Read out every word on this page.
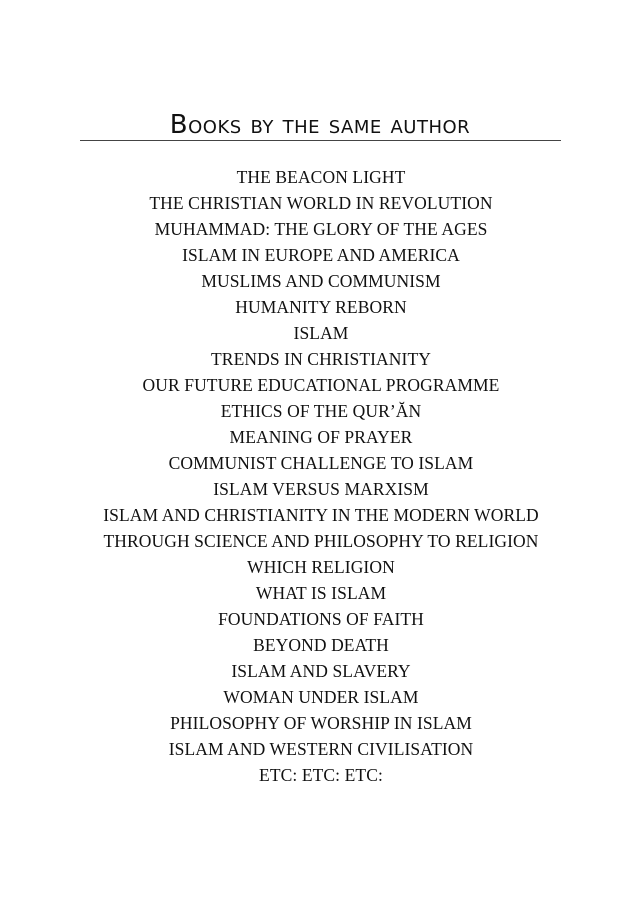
Books by the same author
THE BEACON LIGHT
THE CHRISTIAN WORLD IN REVOLUTION
MUHAMMAD: THE GLORY OF THE AGES
ISLAM IN EUROPE AND AMERICA
MUSLIMS AND COMMUNISM
HUMANITY REBORN
ISLAM
TRENDS IN CHRISTIANITY
OUR FUTURE EDUCATIONAL PROGRAMME
ETHICS OF THE QUR’ĂN
MEANING OF PRAYER
COMMUNIST CHALLENGE TO ISLAM
ISLAM VERSUS MARXISM
ISLAM AND CHRISTIANITY IN THE MODERN WORLD
THROUGH SCIENCE AND PHILOSOPHY TO RELIGION
WHICH RELIGION
WHAT IS ISLAM
FOUNDATIONS OF FAITH
BEYOND DEATH
ISLAM AND SLAVERY
WOMAN UNDER ISLAM
PHILOSOPHY OF WORSHIP IN ISLAM
ISLAM AND WESTERN CIVILISATION
ETC: ETC: ETC:
